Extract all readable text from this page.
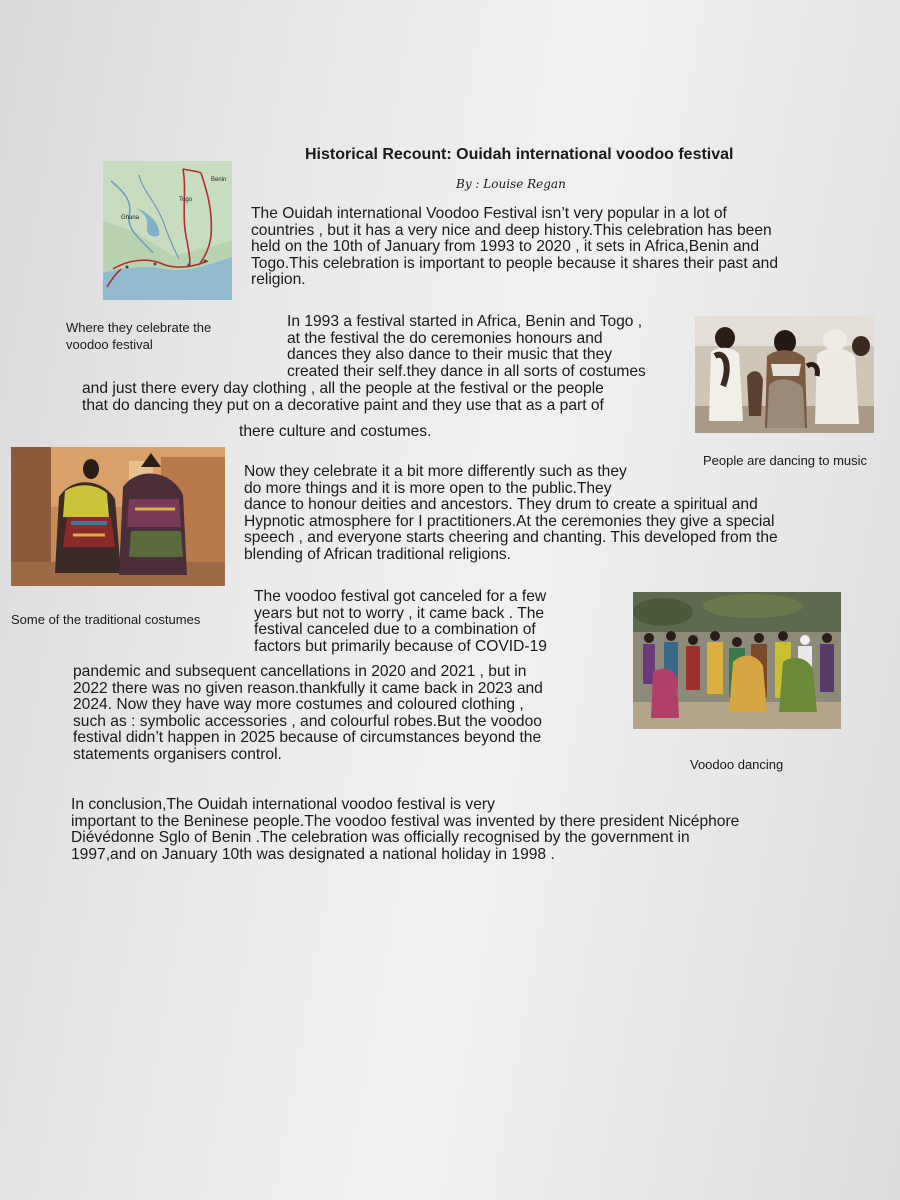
Historical Recount: Ouidah international voodoo festival
By : Louise Regan
Benin
Ghana
Togo
The Ouidah international Voodoo Festival isn’t very popular in a lot of
countries , but it has a very nice and deep history.This celebration has been
held on the 10th of January from 1993 to 2020 , it sets in Africa,Benin and
Togo.This celebration is important to people because it shares their past and
religion.
Where they celebrate the
voodoo festival
In 1993 a festival started in Africa, Benin and Togo ,
at the festival the do ceremonies honours and
dances they also dance to their music that they
created their self.they dance in all sorts of costumes
and just there every day clothing , all the people at the festival or the people
that do dancing they put on a decorative paint and they use that as a part of
there culture and costumes.
People are dancing to music
Now they celebrate it a bit more differently such as they
do more things and it is more open to the public.They
dance to honour deities and ancestors. They drum to create a spiritual and
Hypnotic atmosphere for I practitioners.At the ceremonies they give a special
speech , and everyone starts cheering and chanting. This developed from the
blending of African traditional religions.
The voodoo festival got canceled for a few
years but not to worry , it came back . The
festival canceled due to a combination of
factors but primarily because of COVID-19
pandemic and subsequent cancellations in 2020 and 2021 , but in
2022 there was no given reason.thankfully it came back in 2023 and
2024. Now they have way more costumes and coloured clothing ,
such as : symbolic accessories , and colourful robes.But the voodoo
festival didn’t happen in 2025 because of circumstances beyond the
statements organisers control.
Some of the traditional costumes
Voodoo dancing
In conclusion,The Ouidah international voodoo festival is very
important to the Beninese people.The voodoo festival was invented by there president Nicéphore
Diévédonne Sglo of Benin .The celebration was officially recognised by the government in
1997,and on January 10th was designated a national holiday in 1998 .
